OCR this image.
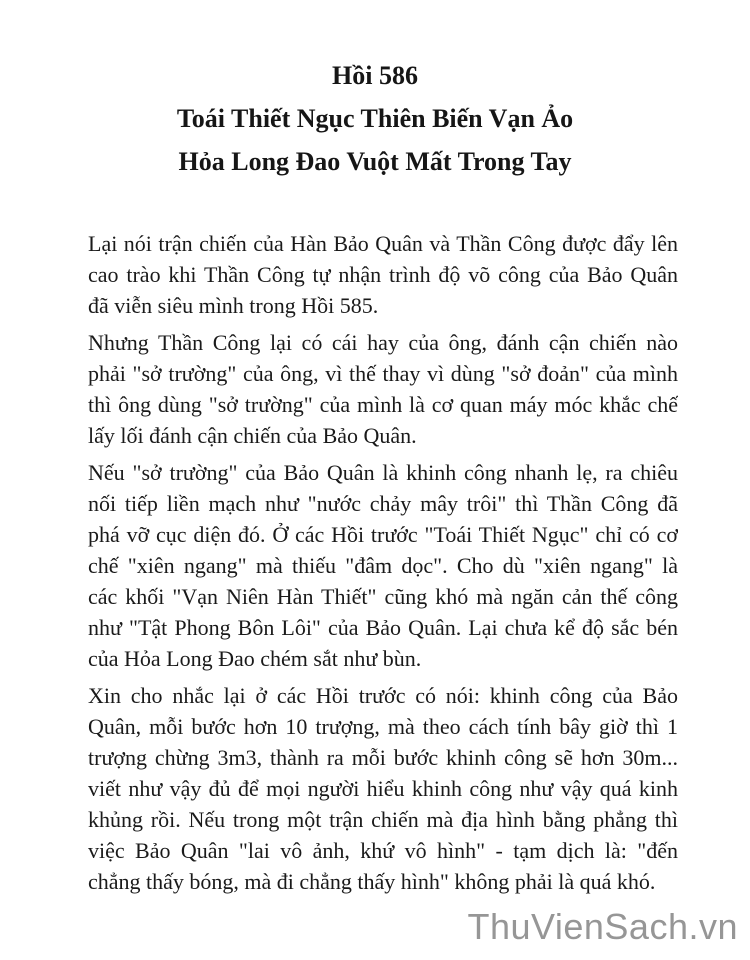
Hồi 586
Toái Thiết Ngục Thiên Biến Vạn Ảo
Hỏa Long Đao Vuột Mất Trong Tay
Lại nói trận chiến của Hàn Bảo Quân và Thần Công được đẩy lên
cao trào khi Thần Công tự nhận trình độ võ công của Bảo Quân
đã viễn siêu mình trong Hồi 585.
Nhưng Thần Công lại có cái hay của ông, đánh cận chiến nào
phải "sở trường" của ông, vì thế thay vì dùng "sở đoản" của mình
thì ông dùng "sở trường" của mình là cơ quan máy móc khắc chế
lấy lối đánh cận chiến của Bảo Quân.
Nếu "sở trường" của Bảo Quân là khinh công nhanh lẹ, ra chiêu
nối tiếp liền mạch như "nước chảy mây trôi" thì Thần Công đã
phá vỡ cục diện đó. Ở các Hồi trước "Toái Thiết Ngục" chỉ có cơ
chế "xiên ngang" mà thiếu "đâm dọc". Cho dù "xiên ngang" là
các khối "Vạn Niên Hàn Thiết" cũng khó mà ngăn cản thế công
như "Tật Phong Bôn Lôi" của Bảo Quân. Lại chưa kể độ sắc bén
của Hỏa Long Đao chém sắt như bùn.
Xin cho nhắc lại ở các Hồi trước có nói: khinh công của Bảo
Quân, mỗi bước hơn 10 trượng, mà theo cách tính bây giờ thì 1
trượng chừng 3m3, thành ra mỗi bước khinh công sẽ hơn 30m...
viết như vậy đủ để mọi người hiểu khinh công như vậy quá kinh
khủng rồi. Nếu trong một trận chiến mà địa hình bằng phẳng thì
việc Bảo Quân "lai vô ảnh, khứ vô hình" - tạm dịch là: "đến
chẳng thấy bóng, mà đi chẳng thấy hình" không phải là quá khó.
ThuVienSach.vn
